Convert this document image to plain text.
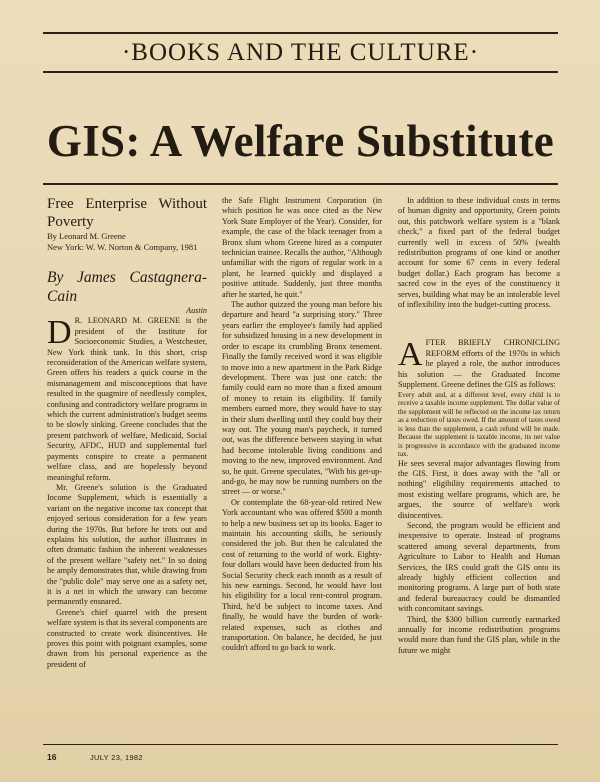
·BOOKS AND THE CULTURE·
GIS: A Welfare Substitute

Free Enterprise Without Poverty

By Leonard M. Greene
New York: W. W. Norton & Company, 1981

By James Castagnera-Cain

Austin

D R. LEONARD M. GREENE is the president of the Institute for Socioeconomic Studies, a Westchester, New York think tank. In this short, crisp reconsideration of the American welfare system, Green offers his readers a quick course in the mismanagement and misconceptions that have resulted in the quagmire of needlessly complex, confusing and contradictory welfare programs in which the current administration's budget seems to be slowly sinking. Greene concludes that the present patchwork of welfare, Medicaid, Social Security, AFDC, HUD and supplemental fuel payments conspire to create a permanent welfare class, and are hopelessly beyond meaningful reform.

Mr. Greene's solution is the Graduated Income Supplement, which is essentially a variant on the negative income tax concept that enjoyed serious consideration for a few years during the 1970s. But before he trots out and explains his solution, the author illustrates in often dramatic fashion the inherent weaknesses of the present welfare "safety net." In so doing he amply demonstrates that, while drawing from the "public dole" may serve one as a safety net, it is a net in which the unwary can become permanently ensnared.

Greene's chief quarrel with the present welfare system is that its several components are constructed to create work disincentives. He proves this point with poignant examples, some drawn from his personal experience as the president of

the Safe Flight Instrument Corporation (in which position he was once cited as the New York State Employer of the Year). Consider, for example, the case of the black teenager from a Bronx slum whom Greene hired as a computer technician trainee. Recalls the author, "Although unfamiliar with the rigors of regular work in a plant, he learned quickly and displayed a positive attitude. Suddenly, just three months after he started, he quit."

The author quizzed the young man before his departure and heard "a surprising story." Three years earlier the employee's family had applied for subsidized housing in a new development in order to escape its crumbling Bronx tenement. Finally the family received word it was eligible to move into a new apartment in the Park Ridge development. There was just one catch: the family could earn no more than a fixed amount of money to retain its eligibility. If family members earned more, they would have to stay in their slum dwelling until they could buy their way out. The young man's paycheck, it turned out, was the difference between staying in what had become intolerable living conditions and moving to the new, improved environment. And so, he quit. Greene speculates, "With his get-up-and-go, he may now be running numbers on the street — or worse."

Or contemplate the 68-year-old retired New York accountant who was offered $500 a month to help a new business set up its books. Eager to maintain his accounting skills, he seriously considered the job. But then he calculated the cost of returning to the world of work. Eighty-four dollars would have been deducted from his Social Security check each month as a result of his new earnings. Second, he would have lost his eligibility for a local rent-control program. Third, he'd be subject to income taxes. And finally, he would have the burden of work-related expenses, such as clothes and transportation. On balance, he decided, he just couldn't afford to go back to work.

In addition to these individual costs in terms of human dignity and opportunity, Green points out, this patchwork welfare system is a "blank check," a fixed part of the federal budget currently well in excess of 50% (wealth redistribution programs of one kind or another account for some 67 cents in every federal budget dollar.) Each program has become a sacred cow in the eyes of the constituency it serves, building what may be an intolerable level of inflexibility into the budget-cutting process.

AFTER BRIEFLY CHRONICLING REFORM efforts of the 1970s in which he played a role, the author introduces his solution — the Graduated Income Supplement. Greene defines the GIS as follows:

Every adult and, at a different level, every child is to receive a taxable income supplement. The dollar value of the supplement will be reflected on the income tax return as a reduction of taxes owed. If the amount of taxes owed is less than the supplement, a cash refund will be made. Because the supplement is taxable income, its net value is progressive in accordance with the graduated income tax.

He sees several major advantages flowing from the GIS. First, it does away with the "all or nothing" eligibility requirements attached to most existing welfare programs, which are, he argues, the source of welfare's work disincentives.

Second, the program would be efficient and inexpensive to operate. Instead of programs scattered among several departments, from Agriculture to Labor to Health and Human Services, the IRS could graft the GIS onto its already highly efficient collection and monitoring programs. A large part of both state and federal bureaucracy could be dismantled with concomitant savings.

Third, the $300 billion currently earmarked annually for income redistribution programs would more than fund the GIS plan, while in the future we might

16	JULY 23, 1982
